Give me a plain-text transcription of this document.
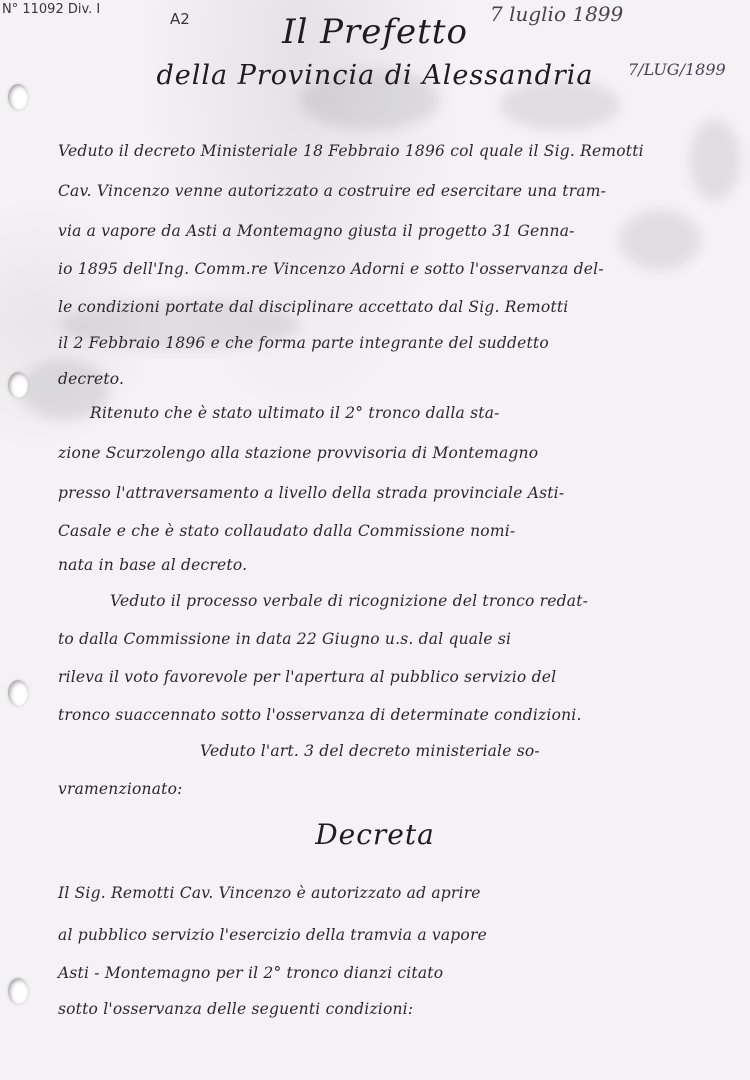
N° 11092 Div. I
A2	7 luglio 1899
7/LUG/1899
Il Prefetto
della Provincia di Alessandria
Veduto il decreto Ministeriale 18 Febbraio 1896 col quale il Sig. Remotti
Cav. Vincenzo venne autorizzato a costruire ed esercitare una tram-
via a vapore da Asti a Montemagno giusta il progetto 31 Genna-
io 1895 dell'Ing. Comm.re Vincenzo Adorni e sotto l'osservanza del-
le condizioni portate dal disciplinare accettato dal Sig. Remotti
il 2 Febbraio 1896 e che forma parte integrante del suddetto
decreto.
Ritenuto che è stato ultimato il 2° tronco dalla sta-
zione Scurzolengo alla stazione provvisoria di Montemagno
presso l'attraversamento a livello della strada provinciale Asti-
Casale e che è stato collaudato dalla Commissione nomi-
nata in base al decreto.
Veduto il processo verbale di ricognizione del tronco redat-
to dalla Commissione in data 22 Giugno u.s. dal quale si
rileva il voto favorevole per l'apertura al pubblico servizio del
tronco suaccennato sotto l'osservanza di determinate condizioni.
Veduto l'art. 3 del decreto ministeriale so-
vramenzionato:
Decreta
Il Sig. Remotti Cav. Vincenzo è autorizzato ad aprire
al pubblico servizio l'esercizio della tramvia a vapore
Asti - Montemagno per il 2° tronco dianzi citato
sotto l'osservanza delle seguenti condizioni:
